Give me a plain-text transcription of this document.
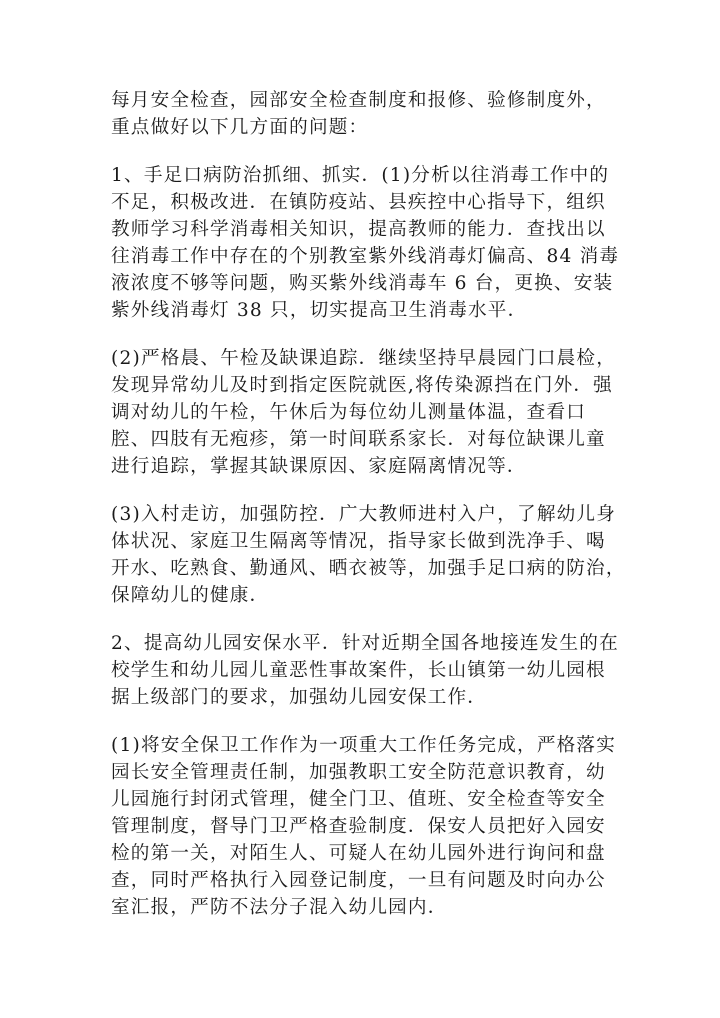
每月安全检查，园部安全检查制度和报修、验修制度外，
重点做好以下几方面的问题：

1、手足口病防治抓细、抓实．(1)分析以往消毒工作中的
不足，积极改进．在镇防疫站、县疾控中心指导下，组织
教师学习科学消毒相关知识，提高教师的能力．查找出以
往消毒工作中存在的个别教室紫外线消毒灯偏高、84 消毒
液浓度不够等问题，购买紫外线消毒车 6 台，更换、安装
紫外线消毒灯 38 只，切实提高卫生消毒水平．

(2)严格晨、午检及缺课追踪．继续坚持早晨园门口晨检，
发现异常幼儿及时到指定医院就医,将传染源挡在门外．强
调对幼儿的午检，午休后为每位幼儿测量体温，查看口
腔、四肢有无疱疹，第一时间联系家长．对每位缺课儿童
进行追踪，掌握其缺课原因、家庭隔离情况等．

(3)入村走访，加强防控．广大教师进村入户，了解幼儿身
体状况、家庭卫生隔离等情况，指导家长做到洗净手、喝
开水、吃熟食、勤通风、晒衣被等，加强手足口病的防治，
保障幼儿的健康．

2、提高幼儿园安保水平．针对近期全国各地接连发生的在
校学生和幼儿园儿童恶性事故案件，长山镇第一幼儿园根
据上级部门的要求，加强幼儿园安保工作．

(1)将安全保卫工作作为一项重大工作任务完成，严格落实
园长安全管理责任制，加强教职工安全防范意识教育，幼
儿园施行封闭式管理，健全门卫、值班、安全检查等安全
管理制度，督导门卫严格查验制度．保安人员把好入园安
检的第一关，对陌生人、可疑人在幼儿园外进行询问和盘
查，同时严格执行入园登记制度，一旦有问题及时向办公
室汇报，严防不法分子混入幼儿园内．
